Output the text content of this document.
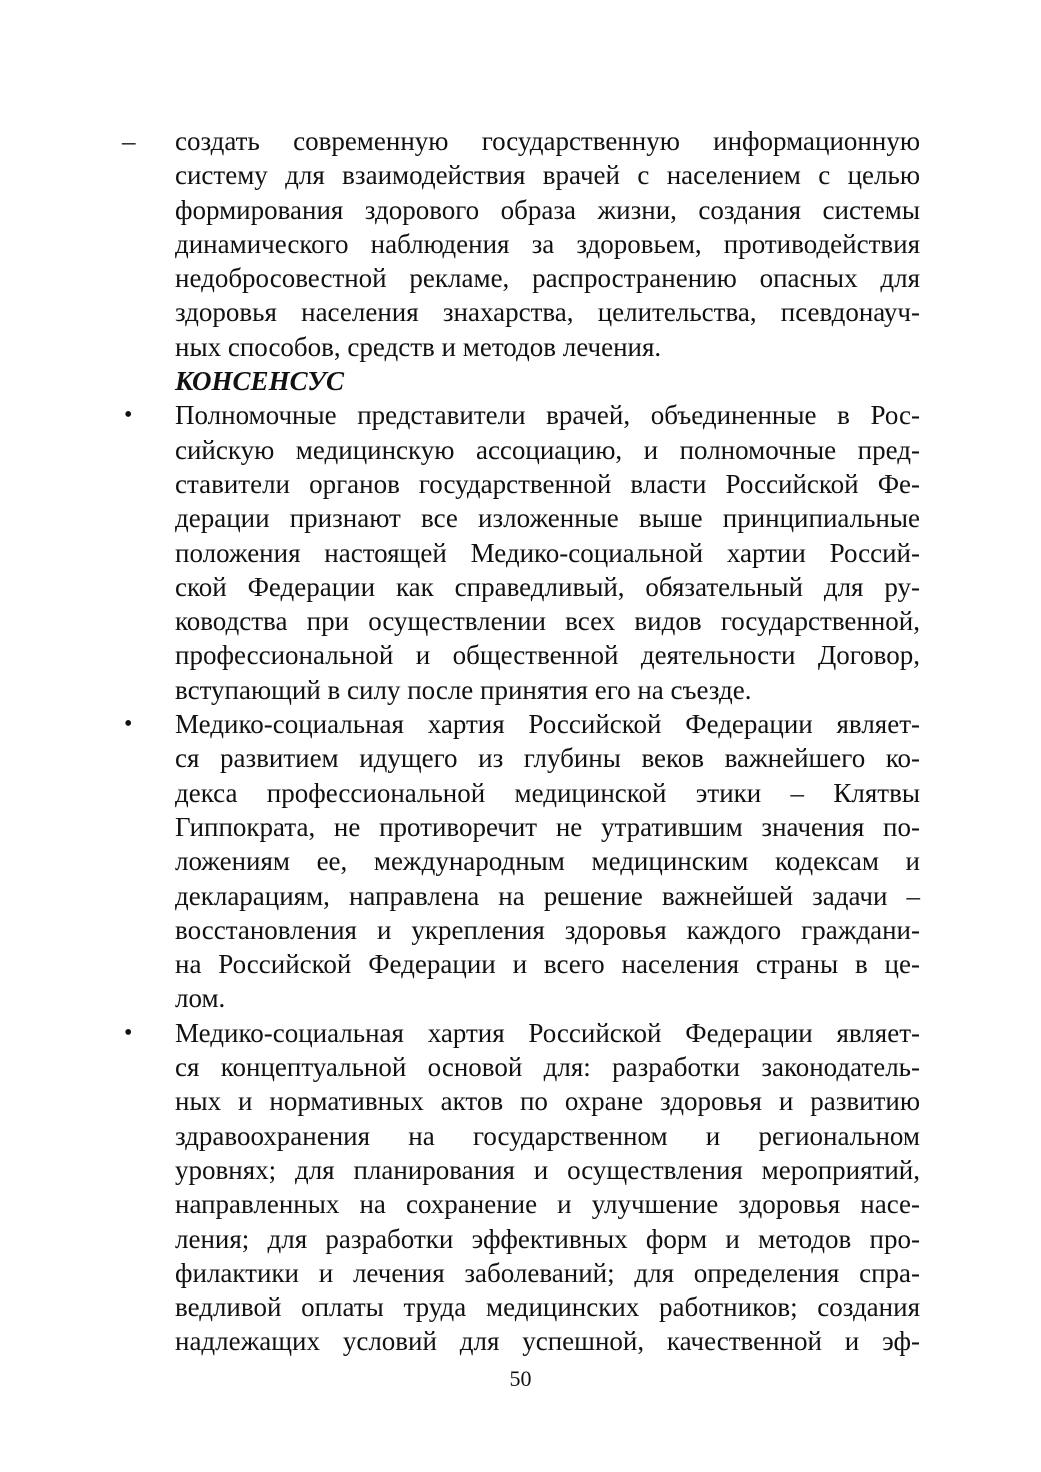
–	создать современную государственную информационную
систему для взаимодействия врачей с населением с целью
формирования здорового образа жизни, создания системы
динамического наблюдения за здоровьем, противодействия
недобросовестной рекламе, распространению опасных для
здоровья населения знахарства, целительства, псевдонауч-
ных способов, средств и методов лечения.
КОНСЕНСУС
•	Полномочные представители врачей, объединенные в Рос-
сийскую медицинскую ассоциацию, и полномочные пред-
ставители органов государственной власти Российской Фе-
дерации признают все изложенные выше принципиальные
положения настоящей Медико-социальной хартии Россий-
ской Федерации как справедливый, обязательный для ру-
ководства при осуществлении всех видов государственной,
профессиональной и общественной деятельности Договор,
вступающий в силу после принятия его на съезде.
•	Медико-социальная хартия Российской Федерации являет-
ся развитием идущего из глубины веков важнейшего ко-
декса профессиональной медицинской этики – Клятвы
Гиппократа, не противоречит не утратившим значения по-
ложениям ее, международным медицинским кодексам и
декларациям, направлена на решение важнейшей задачи –
восстановления и укрепления здоровья каждого граждани-
на Российской Федерации и всего населения страны в це-
лом.
•	Медико-социальная хартия Российской Федерации являет-
ся концептуальной основой для: разработки законодатель-
ных и нормативных актов по охране здоровья и развитию
здравоохранения на государственном и региональном
уровнях; для планирования и осуществления мероприятий,
направленных на сохранение и улучшение здоровья насе-
ления; для разработки эффективных форм и методов про-
филактики и лечения заболеваний; для определения спра-
ведливой оплаты труда медицинских работников; создания
надлежащих условий для успешной, качественной и эф-
50
